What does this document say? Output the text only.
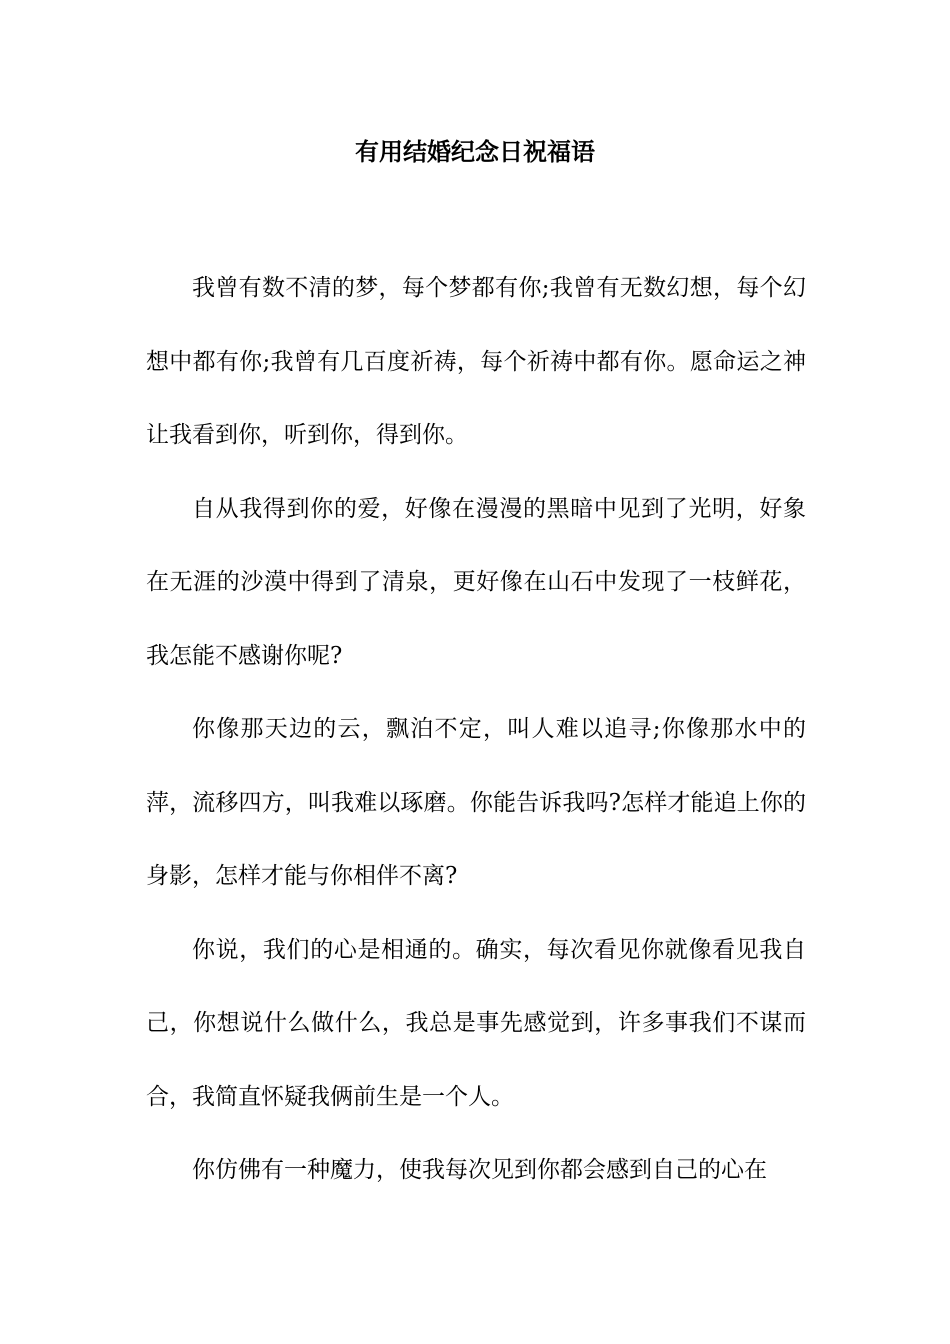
有用结婚纪念日祝福语

我曾有数不清的梦，每个梦都有你;我曾有无数幻想，每个幻想中都有你;我曾有几百度祈祷，每个祈祷中都有你。愿命运之神让我看到你，听到你，得到你。

自从我得到你的爱，好像在漫漫的黑暗中见到了光明，好象在无涯的沙漠中得到了清泉，更好像在山石中发现了一枝鲜花，我怎能不感谢你呢?

你像那天边的云，飘泊不定，叫人难以追寻;你像那水中的萍，流移四方，叫我难以琢磨。你能告诉我吗?怎样才能追上你的身影，怎样才能与你相伴不离?

你说，我们的心是相通的。确实，每次看见你就像看见我自己，你想说什么做什么，我总是事先感觉到，许多事我们不谋而合，我简直怀疑我俩前生是一个人。

你仿佛有一种魔力，使我每次见到你都会感到自己的心在
